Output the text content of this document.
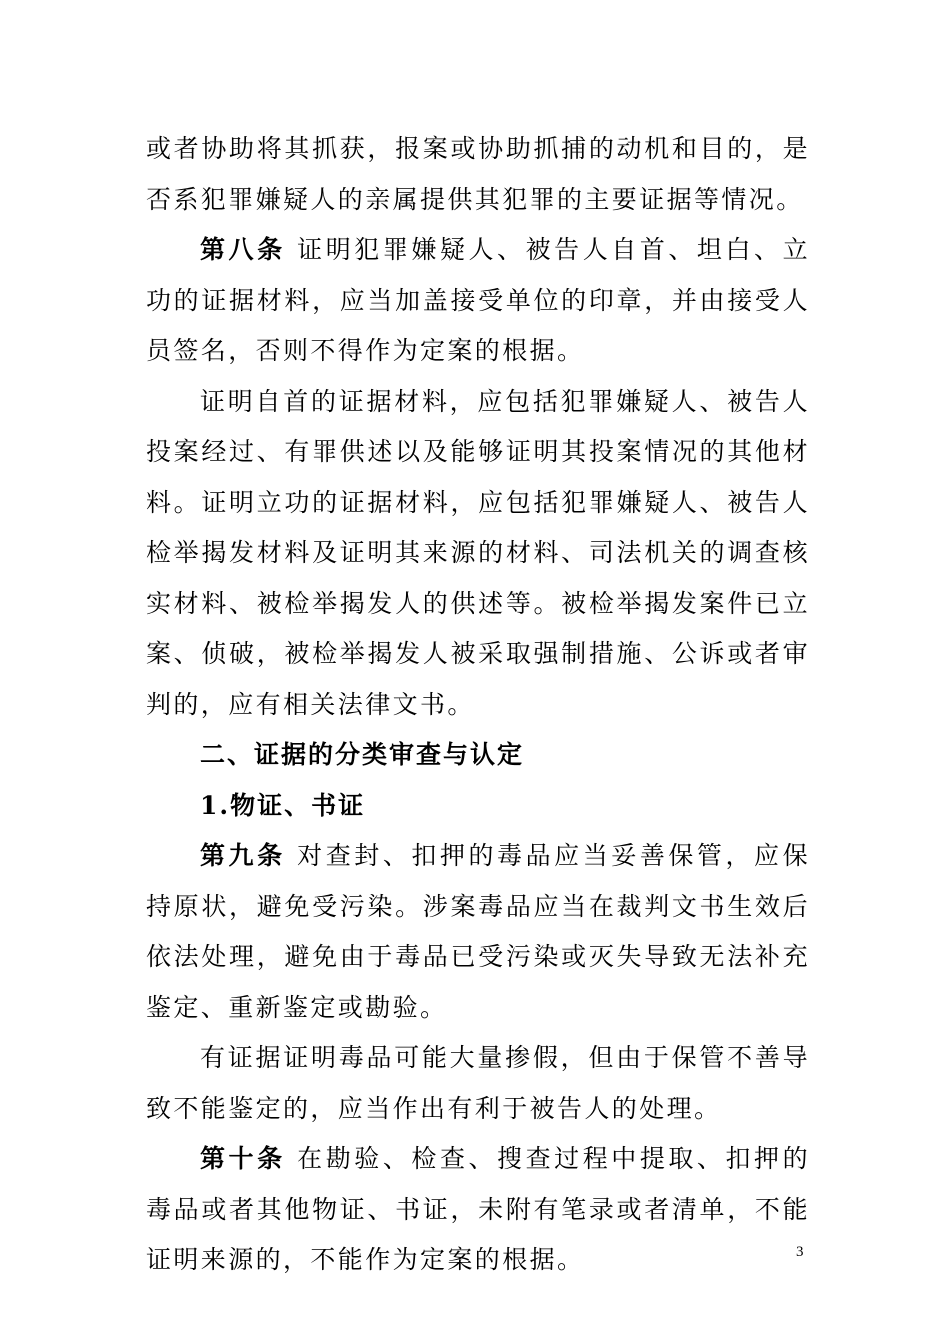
或者协助将其抓获，报案或协助抓捕的动机和目的，是否系犯罪嫌疑人的亲属提供其犯罪的主要证据等情况。

第八条 证明犯罪嫌疑人、被告人自首、坦白、立功的证据材料，应当加盖接受单位的印章，并由接受人员签名，否则不得作为定案的根据。

证明自首的证据材料，应包括犯罪嫌疑人、被告人投案经过、有罪供述以及能够证明其投案情况的其他材料。证明立功的证据材料，应包括犯罪嫌疑人、被告人检举揭发材料及证明其来源的材料、司法机关的调查核实材料、被检举揭发人的供述等。被检举揭发案件已立案、侦破，被检举揭发人被采取强制措施、公诉或者审判的，应有相关法律文书。

二、证据的分类审查与认定

1.物证、书证

第九条 对查封、扣押的毒品应当妥善保管，应保持原状，避免受污染。涉案毒品应当在裁判文书生效后依法处理，避免由于毒品已受污染或灭失导致无法补充鉴定、重新鉴定或勘验。

有证据证明毒品可能大量掺假，但由于保管不善导致不能鉴定的，应当作出有利于被告人的处理。

第十条 在勘验、检查、搜查过程中提取、扣押的毒品或者其他物证、书证，未附有笔录或者清单，不能证明来源的，不能作为定案的根据。	3
